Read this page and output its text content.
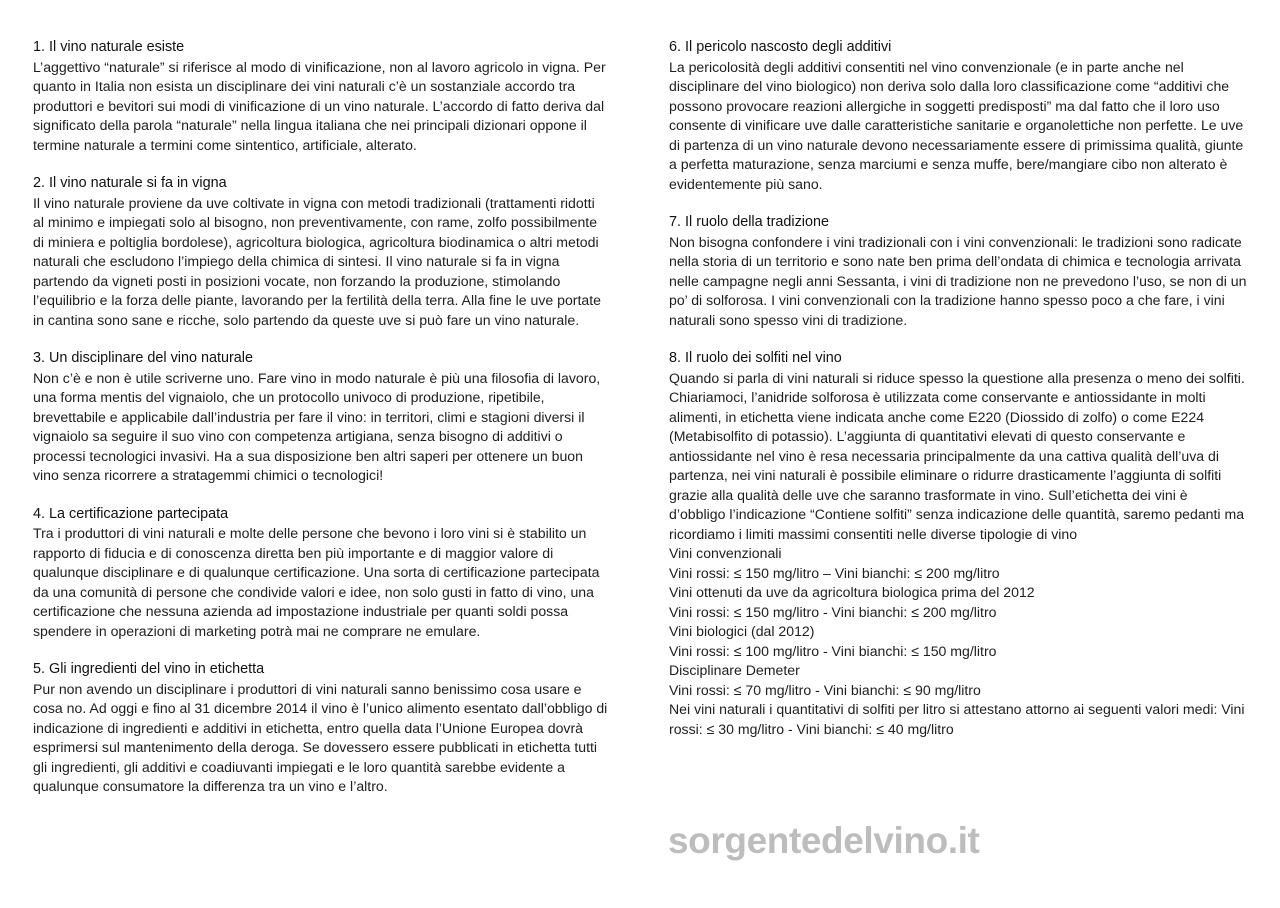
1. Il vino naturale esiste

L’aggettivo “naturale” si riferisce al modo di vinificazione, non al lavoro agricolo in vigna. Per quanto in Italia non esista un disciplinare dei vini naturali c’è un sostanziale accordo tra produttori e bevitori sui modi di vinificazione di un vino naturale. L’accordo di fatto deriva dal significato della parola “naturale” nella lingua italiana che nei principali dizionari oppone il termine naturale a termini come sintentico, artificiale, alterato.

2. Il vino naturale si fa in vigna

Il vino naturale proviene da uve coltivate in vigna con metodi tradizionali (trattamenti ridotti al minimo e impiegati solo al bisogno, non preventivamente, con rame, zolfo possibilmente di miniera e poltiglia bordolese), agricoltura biologica, agricoltura biodinamica o altri metodi naturali che escludono l’impiego della chimica di sintesi. Il vino naturale si fa in vigna partendo da vigneti posti in posizioni vocate, non forzando la produzione, stimolando l’equilibrio e la forza delle piante, lavorando per la fertilità della terra. Alla fine le uve portate in cantina sono sane e ricche, solo partendo da queste uve si può fare un vino naturale.

3. Un disciplinare del vino naturale

Non c’è e non è utile scriverne uno. Fare vino in modo naturale è più una filosofia di lavoro, una forma mentis del vignaiolo, che un protocollo univoco di produzione, ripetibile, brevettabile e applicabile dall’industria per fare il vino: in territori, climi e stagioni diversi il vignaiolo sa seguire il suo vino con competenza artigiana, senza bisogno di additivi o processi tecnologici invasivi. Ha a sua disposizione ben altri saperi per ottenere un buon vino senza ricorrere a stratagemmi chimici o tecnologici!

4. La certificazione partecipata

Tra i produttori di vini naturali e molte delle persone che bevono i loro vini si è stabilito un rapporto di fiducia e di conoscenza diretta ben più importante e di maggior valore di qualunque disciplinare e di qualunque certificazione. Una sorta di certificazione partecipata da una comunità di persone che condivide valori e idee, non solo gusti in fatto di vino, una certificazione che nessuna azienda ad impostazione industriale per quanti soldi possa spendere in operazioni di marketing potrà mai ne comprare ne emulare.

5. Gli ingredienti del vino in etichetta

Pur non avendo un disciplinare i produttori di vini naturali sanno benissimo cosa usare e cosa no. Ad oggi e fino al 31 dicembre 2014 il vino è l’unico alimento esentato dall’obbligo di indicazione di ingredienti e additivi in etichetta, entro quella data l’Unione Europea dovrà esprimersi sul mantenimento della deroga. Se dovessero essere pubblicati in etichetta tutti gli ingredienti, gli additivi e coadiuvanti impiegati e le loro quantità sarebbe evidente a qualunque consumatore la differenza tra un vino e l’altro.

6. Il pericolo nascosto degli additivi

La pericolosità degli additivi consentiti nel vino convenzionale (e in parte anche nel disciplinare del vino biologico) non deriva solo dalla loro classificazione come “additivi che possono provocare reazioni allergiche in soggetti predisposti” ma dal fatto che il loro uso consente di vinificare uve dalle caratteristiche sanitarie e organolettiche non perfette. Le uve di partenza di un vino naturale devono necessariamente essere di primissima qualità, giunte a perfetta maturazione, senza marciumi e senza muffe, bere/mangiare cibo non alterato è evidentemente più sano.

7. Il ruolo della tradizione

Non bisogna confondere i vini tradizionali con i vini convenzionali: le tradizioni sono radicate nella storia di un territorio e sono nate ben prima dell’ondata di chimica e tecnologia arrivata nelle campagne negli anni Sessanta, i vini di tradizione non ne prevedono l’uso, se non di un po’ di solforosa. I vini convenzionali con la tradizione hanno spesso poco a che fare, i vini naturali sono spesso vini di tradizione.

8. Il ruolo dei solfiti nel vino

Quando si parla di vini naturali si riduce spesso la questione alla presenza o meno dei solfiti. Chiariamoci, l’anidride solforosa è utilizzata come conservante e antiossidante in molti alimenti, in etichetta viene indicata anche come E220 (Diossido di zolfo) o come E224 (Metabisolfito di potassio). L’aggiunta di quantitativi elevati di questo conservante e antiossidante nel vino è resa necessaria principalmente da una cattiva qualità dell’uva di partenza, nei vini naturali è possibile eliminare o ridurre drasticamente l’aggiunta di solfiti grazie alla qualità delle uve che saranno trasformate in vino. Sull’etichetta dei vini è d’obbligo l’indicazione “Contiene solfiti” senza indicazione delle quantità, saremo pedanti ma ricordiamo i limiti massimi consentiti nelle diverse tipologie di vino

Vini convenzionali
Vini rossi: ≤ 150 mg/litro – Vini bianchi: ≤ 200 mg/litro
Vini ottenuti da uve da agricoltura biologica prima del 2012
Vini rossi: ≤ 150 mg/litro - Vini bianchi: ≤ 200 mg/litro
Vini biologici (dal 2012)
Vini rossi: ≤ 100 mg/litro - Vini bianchi: ≤ 150 mg/litro
Disciplinare Demeter
Vini rossi: ≤ 70 mg/litro - Vini bianchi: ≤ 90 mg/litro

Nei vini naturali i quantitativi di solfiti per litro si attestano attorno ai seguenti valori medi: Vini rossi: ≤ 30 mg/litro - Vini bianchi: ≤ 40 mg/litro

sorgentedelvino.it
